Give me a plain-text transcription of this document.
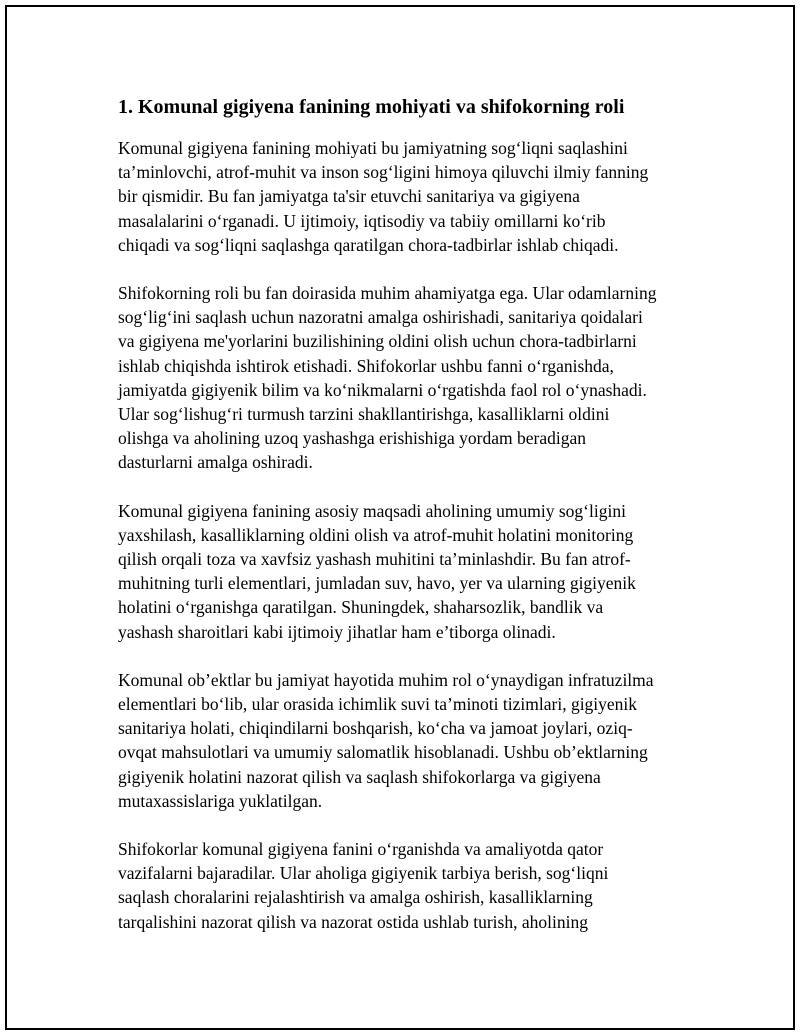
1. Komunal gigiyena fanining mohiyati va shifokorning roli

Komunal gigiyena fanining mohiyati bu jamiyatning sog‘liqni saqlashini
ta’minlovchi, atrof-muhit va inson sog‘ligini himoya qiluvchi ilmiy fanning
bir qismidir. Bu fan jamiyatga ta'sir etuvchi sanitariya va gigiyena
masalalarini o‘rganadi. U ijtimoiy, iqtisodiy va tabiiy omillarni ko‘rib
chiqadi va sog‘liqni saqlashga qaratilgan chora-tadbirlar ishlab chiqadi.

Shifokorning roli bu fan doirasida muhim ahamiyatga ega. Ular odamlarning
sog‘lig‘ini saqlash uchun nazoratni amalga oshirishadi, sanitariya qoidalari
va gigiyena me'yorlarini buzilishining oldini olish uchun chora-tadbirlarni
ishlab chiqishda ishtirok etishadi. Shifokorlar ushbu fanni o‘rganishda,
jamiyatda gigiyenik bilim va ko‘nikmalarni o‘rgatishda faol rol o‘ynashadi.
Ular sog‘lishug‘ri turmush tarzini shakllantirishga, kasalliklarni oldini
olishga va aholining uzoq yashashga erishishiga yordam beradigan
dasturlarni amalga oshiradi.

Komunal gigiyena fanining asosiy maqsadi aholining umumiy sog‘ligini
yaxshilash, kasalliklarning oldini olish va atrof-muhit holatini monitoring
qilish orqali toza va xavfsiz yashash muhitini ta’minlashdir. Bu fan atrof-
muhitning turli elementlari, jumladan suv, havo, yer va ularning gigiyenik
holatini o‘rganishga qaratilgan. Shuningdek, shaharsozlik, bandlik va
yashash sharoitlari kabi ijtimoiy jihatlar ham e’tiborga olinadi.

Komunal ob’ektlar bu jamiyat hayotida muhim rol o‘ynaydigan infratuzilma
elementlari bo‘lib, ular orasida ichimlik suvi ta’minoti tizimlari, gigiyenik
sanitariya holati, chiqindilarni boshqarish, ko‘cha va jamoat joylari, oziq-
ovqat mahsulotlari va umumiy salomatlik hisoblanadi. Ushbu ob’ektlarning
gigiyenik holatini nazorat qilish va saqlash shifokorlarga va gigiyena
mutaxassislariga yuklatilgan.

Shifokorlar komunal gigiyena fanini o‘rganishda va amaliyotda qator
vazifalarni bajaradilar. Ular aholiga gigiyenik tarbiya berish, sog‘liqni
saqlash choralarini rejalashtirish va amalga oshirish, kasalliklarning
tarqalishini nazorat qilish va nazorat ostida ushlab turish, aholining
